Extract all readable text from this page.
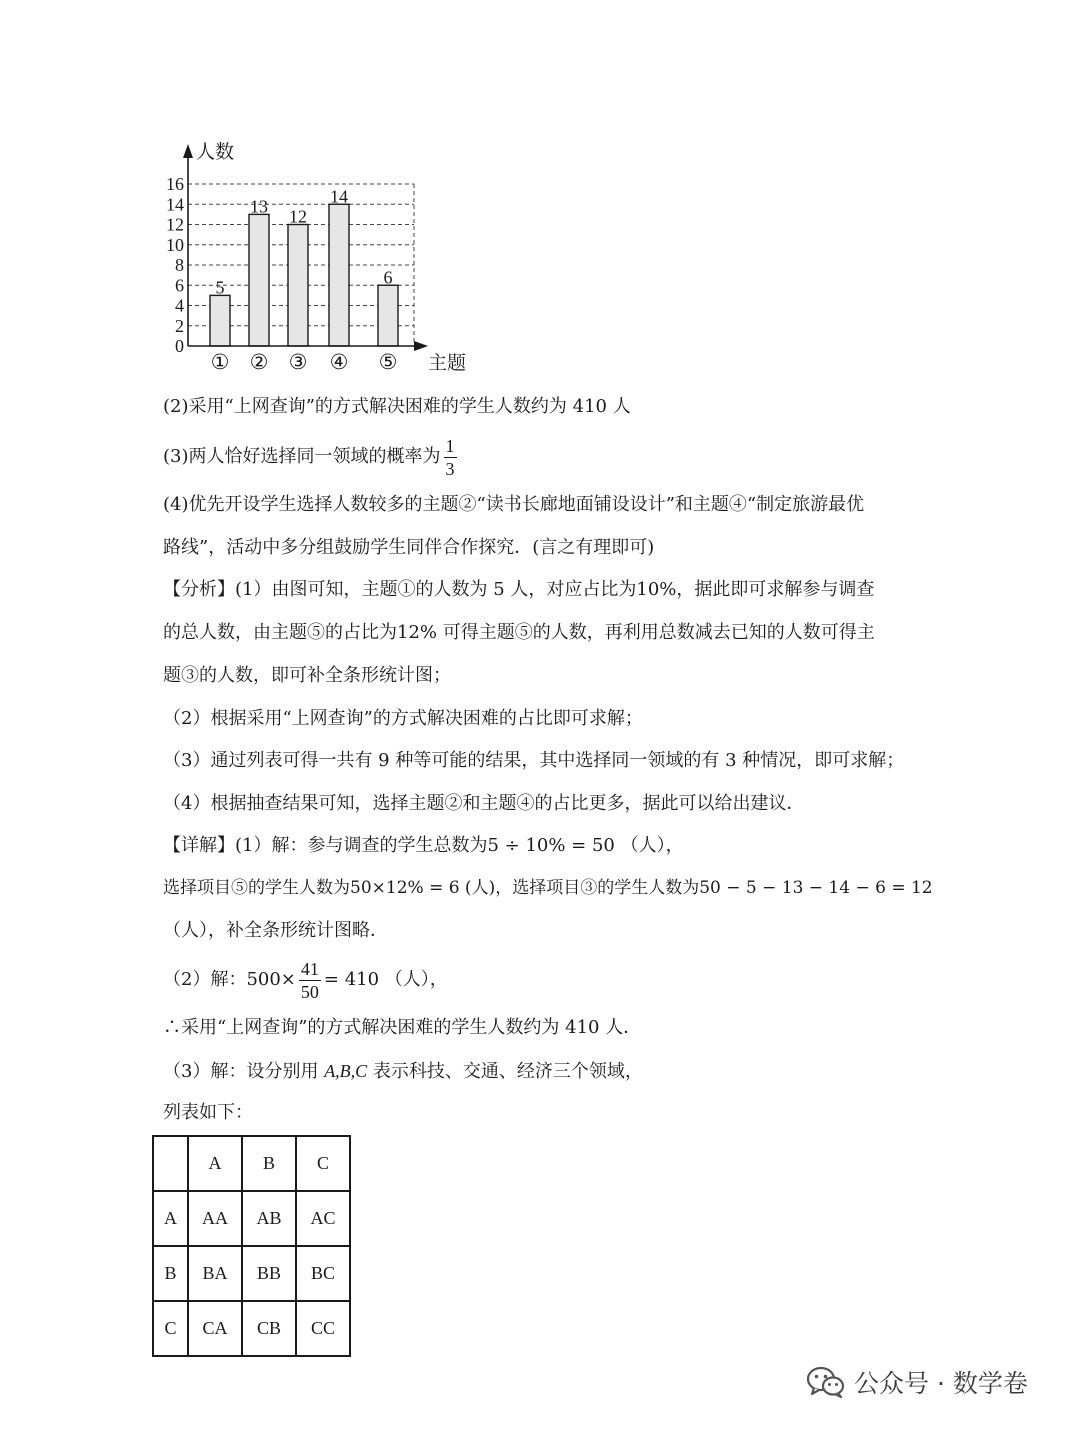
0
2
4
6
8
10
12
14
16
5
①
13
②
12
③
14
④
6
⑤
人数
主题
(2)采用“上网查询”的方式解决困难的学生人数约为 410 人
(3)两人恰好选择同一领域的概率为 $\frac{1}{3}$
(4)优先开设学生选择人数较多的主题②“读书长廊地面铺设设计”和主题④“制定旅游最优
路线”，活动中多分组鼓励学生同伴合作探究．(言之有理即可)
【分析】(1）由图可知，主题①的人数为 5 人，对应占比为10%，据此即可求解参与调查
的总人数，由主题⑤的占比为12% 可得主题⑤的人数，再利用总数减去已知的人数可得主
题③的人数，即可补全条形统计图；
（2）根据采用“上网查询”的方式解决困难的占比即可求解；
（3）通过列表可得一共有 9 种等可能的结果，其中选择同一领域的有 3 种情况，即可求解；
（4）根据抽查结果可知，选择主题②和主题④的占比更多，据此可以给出建议．
【详解】(1）解：参与调查的学生总数为5 ÷ 10% = 50 （人），
选择项目⑤的学生人数为50×12% = 6 (人)，选择项目③的学生人数为50 − 5 − 13 − 14 − 6 = 12
（人），补全条形统计图略．
（2）解：$500\times \frac{41}{50} = 410$ （人），
∴采用“上网查询”的方式解决困难的学生人数约为 410 人．
（3）解：设分别用 A,B,C 表示科技、交通、经济三个领域，
列表如下：
	A	B	C
A	AA	AB	AC
B	BA	BB	BC
C	CA	CB	CC
公众号 · 数学卷
